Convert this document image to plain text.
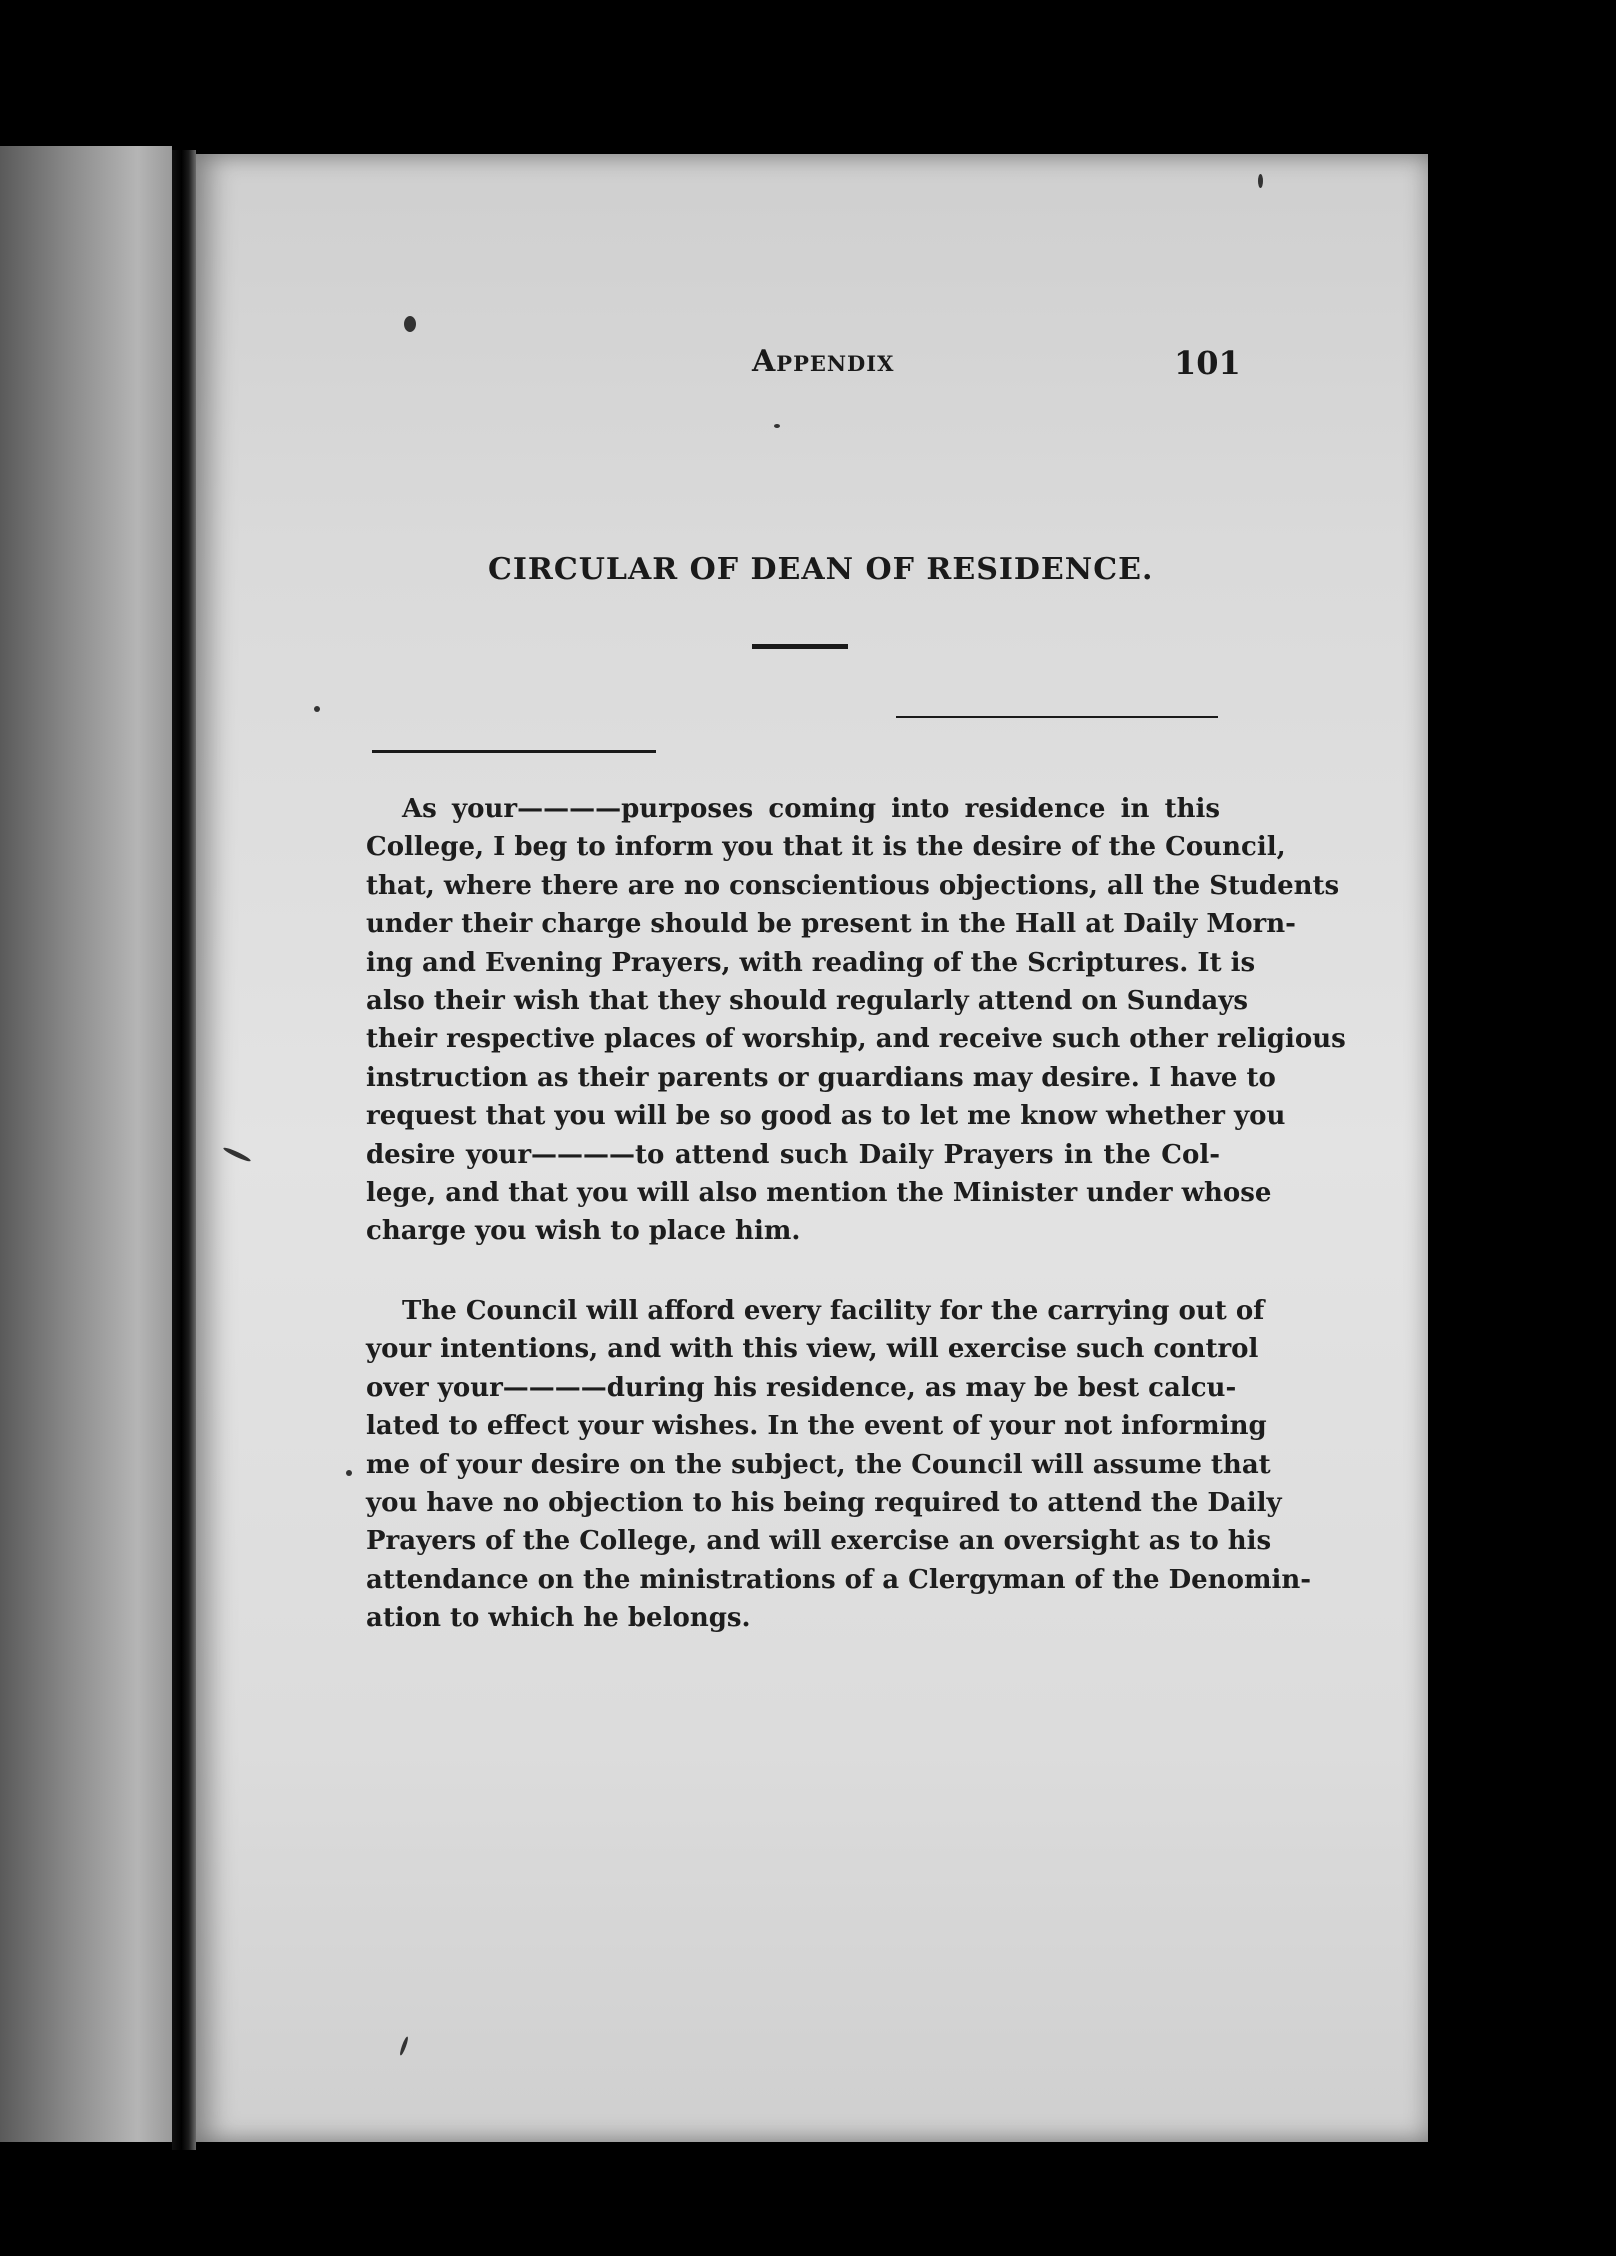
Appendix	101
CIRCULAR OF DEAN OF RESIDENCE.
As your————purposes coming into residence in this
College, I beg to inform you that it is the desire of the Council,
that, where there are no conscientious objections, all the Students
under their charge should be present in the Hall at Daily Morn-
ing and Evening Prayers, with reading of the Scriptures. It is
also their wish that they should regularly attend on Sundays
their respective places of worship, and receive such other religious
instruction as their parents or guardians may desire. I have to
request that you will be so good as to let me know whether you
desire your————to attend such Daily Prayers in the Col-
lege, and that you will also mention the Minister under whose
charge you wish to place him.
The Council will afford every facility for the carrying out of
your intentions, and with this view, will exercise such control
over your————during his residence, as may be best calcu-
lated to effect your wishes. In the event of your not informing
me of your desire on the subject, the Council will assume that
you have no objection to his being required to attend the Daily
Prayers of the College, and will exercise an oversight as to his
attendance on the ministrations of a Clergyman of the Denomin-
ation to which he belongs.
